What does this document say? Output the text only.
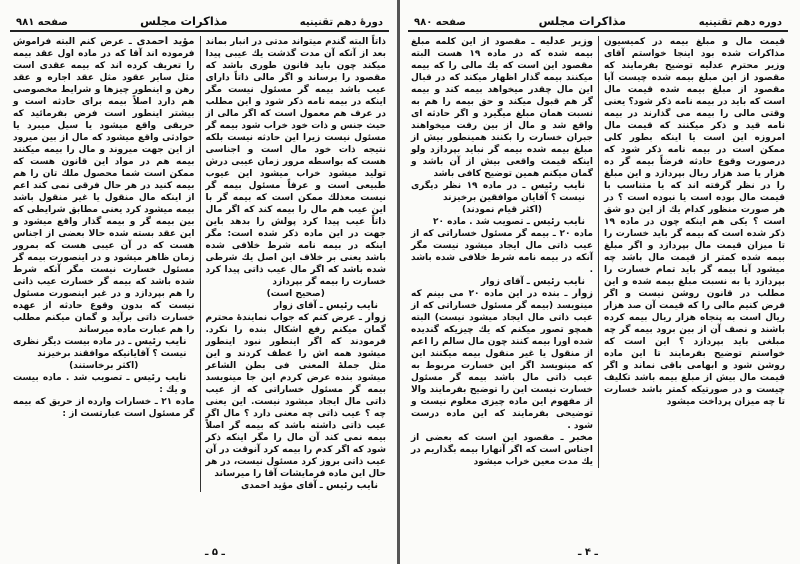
دورهٔ دهم تقنینیه
مذاکرات مجلس
صفحه ۹۸۱

ذاتاً البته گندم میتواند مدتی در انبار بماند بعد از آنکه آن مدت گذشت یك عیبی پیدا میکند چون باید قانون طوری باشد که مقصود را برساند و اگر مالی ذاتاً دارای عیب باشد بیمه گر مسئول نیست مگر اینکه در بیمه نامه ذکر شود و این مطلب در عرف هم معمول است که اگر مالی از حیث جنس و ذات خود خراب شود بیمه گر مسئول نیست زیرا این حادثه نیست بلکه نتیجه ذات خود مال است و اجناسی هست که بواسطه مرور زمان عیبی درش تولید میشود خراب میشود این عیوب طبیعی است و عرفاً مسئول بیمه گر نیست معذلك ممکن است که بیمه گر با این عیب هم مال را بیمه کند که اگر مال ذاتاً عیب پیدا کرد پولش را بدهد باین جهت در این ماده ذکر شده است: مگر اینکه در بیمه نامه شرط خلافی شده باشد یعنی بر خلاف این اصل یك شرطی شده باشد که اگر مال عیب ذاتی پیدا کرد خسارت را بیمه گر بپردازد

(صحیح است)

نایب رئیس ـ آقای زوار

زوار ـ عرض کنم که جواب نمایندهٔ محترم گمان میکنم رفع اشکال بنده را نکرد. فرمودند که اگر اینطور نبود اینطور میشود همه اش را عطف کردند و این مثل جملهٔ المعنی فی بطن الشاعر میشود بنده عرض کردم این جا مینویسد بیمه گر مسئول خساراتی که از عیب ذاتی مال ایجاد میشود نیست. این یعنی چه ؟ عیب ذاتی چه معنی دارد ؟ مال اگر عیب ذاتی داشته باشد که بیمه گر اصلاً بیمه نمی کند آن مال را مگر اینکه ذکر شود که اگر کدم را بیمه کرد آنوقت در آن عیب ذاتی بروز کرد مسئول نیست، در هر حال این ماده فرمایشات آقا را میرساند

نایب رئیس ـ آقای مؤید احمدی

مؤید احمدی ـ عرض کنم البته فراموش فرموده اند آقا که در ماده اول عقد بیمه را تعریف کرده اند که بیمه عقدی است مثل سایر عقود مثل عقد اجاره و عقد رهن و اینطور چیزها و شرایط مخصوصی هم دارد اصلاً بیمه برای حادثه است و بیشتر اینطور است فرض بفرمائید که حریقی واقع میشود یا سیل میبرد یا حوادثی واقع میشود که مال از بین میرود از این جهت میروند و مال را بیمه میکنند بیمه هم در مواد این قانون هست که ممکن است شما محصول ملك تان را هم بیمه کنید در هر حال فرقی نمی کند اعم از اینکه مال منقول یا غیر منقول باشد بیمه میشود کرد یعنی مطابق شرایطی که بین بیمه گر و بیمه گذار واقع میشود و این عقد بسته شده حالا بعضی از اجناس هست که در آن عیبی هست که بمرور زمان ظاهر میشود و در اینصورت بیمه گر مسئول خسارت نیست مگر آنکه شرط شده باشد که بیمه گر خسارت عیب ذاتی را هم بپردازد و در غیر اینصورت مسئول نیست که بدون وقوع حادثه از عهده خسارت ذاتی برآید و گمان میکنم مطلب را هم عبارت ماده میرساند

نایب رئیس ـ در ماده بیست دیگر نظری نیست ؟ آقایانیکه موافقند برخیزند

(اکثر برخاستند)

نایب رئیس ـ تصویب شد . ماده بیست و یك :

ماده ۲۱ ـ خسارات وارده از حریق که بیمه گر مسئول است عبارتست از :

ـ ۵ ـ
دوره دهم تقنینیه
مذاکرات مجلس
صفحه ۹۸۰

قیمت مال و مبلغ بیمه در کمیسیون مذاکرات شده بود اینجا خواستم آقای وزیر محترم عدلیه توضیح بفرمایند که مقصود از این مبلغ بیمه شده چیست آیا مقصود از مبلغ بیمه شده قیمت مال است که باید در بیمه نامه ذکر شود؟ یعنی وقتی مالی را بیمه می گذارند در بیمه نامه قید و ذکر میکنند که قیمت مال امروزه این است یا اینکه بطور کلی ممکن است در بیمه نامه ذکر شود که درصورت وقوع حادثه فرضاً بیمه گر ده هزار یا صد هزار ریال بپردازد و این مبلغ را در نظر گرفته اند که یا متناسب با قیمت مال بوده است یا نبوده است ؟ در هر صورت منظور کدام یك از این دو شق است ؟ یکی هم اینکه چون در ماده ۱۹ ذکر شده است که بیمه گر باید خسارت را تا میزان قیمت مال بپردازد و اگر مبلغ بیمه شده کمتر از قیمت مال باشد چه میشود آیا بیمه گر باید تمام خسارت را بپردازد یا به نسبت مبلغ بیمه شده و این مطلب در قانون روشن نیست و اگر فرض کنیم مالی را که قیمت آن صد هزار ریال است به پنجاه هزار ریال بیمه کرده باشند و نصف آن از بین برود بیمه گر چه مبلغی باید بپردازد ؟ این است که خواستم توضیح بفرمایند تا این ماده روشن شود و ابهامی باقی نماند و اگر قیمت مال بیش از مبلغ بیمه باشد تکلیف چیست و در صورتیکه کمتر باشد خسارت تا چه میزان پرداخت میشود

وزیر عدلیه ـ مقصود از این کلمه مبلغ بیمه شده که در ماده ۱۹ هست البته مقصود این است که یك مالی را که بیمه میکنند بیمه گذار اظهار میکند که در قبال این مال چقدر میخواهد بیمه کند و بیمه گر هم قبول میکند و حق بیمه را هم به نسبت همان مبلغ میگیرد و اگر حادثه ای واقع شد و مال از بین رفت میخواهند جبران خسارت را بکنند همینطور بیش از مبلغ بیمه شده بیمه گر نباید بپردازد ولو اینکه قیمت واقعی بیش از آن باشد و گمان میکنم همین توضیح کافی باشد

نایب رئیس ـ در ماده ۱۹ نظر دیگری نیست ؟ آقایان موافقین برخیزند

(اکثر قیام نمودند)

نایب رئیس ـ تصویب شد . ماده ۲۰

ماده ۲۰ ـ بیمه گر مسئول خساراتی که از عیب ذاتی مال ایجاد میشود نیست مگر آنکه در بیمه نامه شرط خلافی شده باشد .

نایب رئیس ـ آقای زوار

زوار ـ بنده در این ماده ۲۰ می بینم که مینویسد (بیمه گر مسئول خساراتی که از عیب ذاتی مال ایجاد میشود نیست) البته همچو تصور میکنم که یك چیزیکه گندیده شده اورا بیمه کنند چون مال سالم را اعم از منقول یا غیر منقول بیمه میکنند این که مینویسد اگر این خسارت مربوط به عیب ذاتی مال باشد بیمه گر مسئول خسارت نیست این را توضیح بفرمایند والا از مفهوم این ماده چیزی معلوم نیست و توضیحی بفرمایند که این ماده درست شود .

مخبر ـ مقصود این است که بعضی از اجناس است که اگر آنهارا بیمه بگذاریم در یك مدت معین خراب میشود

ـ ۴ ـ
